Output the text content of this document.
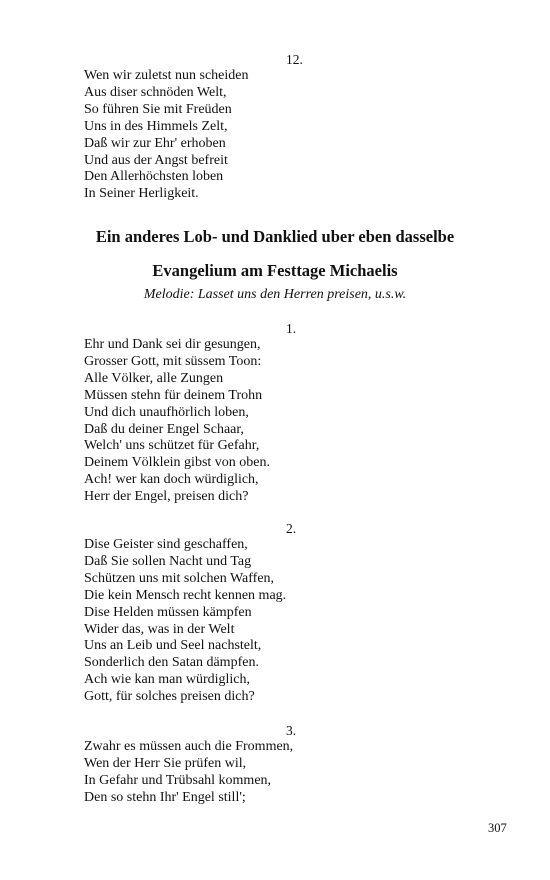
12.
Wen wir zuletst nun scheiden
Aus diser schnöden Welt,
So führen Sie mit Freüden
Uns in des Himmels Zelt,
Daß wir zur Ehr' erhoben
Und aus der Angst befreit
Den Allerhöchsten loben
In Seiner Herligkeit.
Ein anderes Lob- und Danklied uber eben dasselbe
Evangelium am Festtage Michaelis
Melodie: Lasset uns den Herren preisen, u.s.w.
1.
Ehr und Dank sei dir gesungen,
Grosser Gott, mit süssem Toon:
Alle Völker, alle Zungen
Müssen stehn für deinem Trohn
Und dich unaufhörlich loben,
Daß du deiner Engel Schaar,
Welch' uns schützet für Gefahr,
Deinem Völklein gibst von oben.
Ach! wer kan doch würdiglich,
Herr der Engel, preisen dich?
2.
Dise Geister sind geschaffen,
Daß Sie sollen Nacht und Tag
Schützen uns mit solchen Waffen,
Die kein Mensch recht kennen mag.
Dise Helden müssen kämpfen
Wider das, was in der Welt
Uns an Leib und Seel nachstelt,
Sonderlich den Satan dämpfen.
Ach wie kan man würdiglich,
Gott, für solches preisen dich?
3.
Zwahr es müssen auch die Frommen,
Wen der Herr Sie prüfen wil,
In Gefahr und Trübsahl kommen,
Den so stehn Ihr' Engel still';
307
